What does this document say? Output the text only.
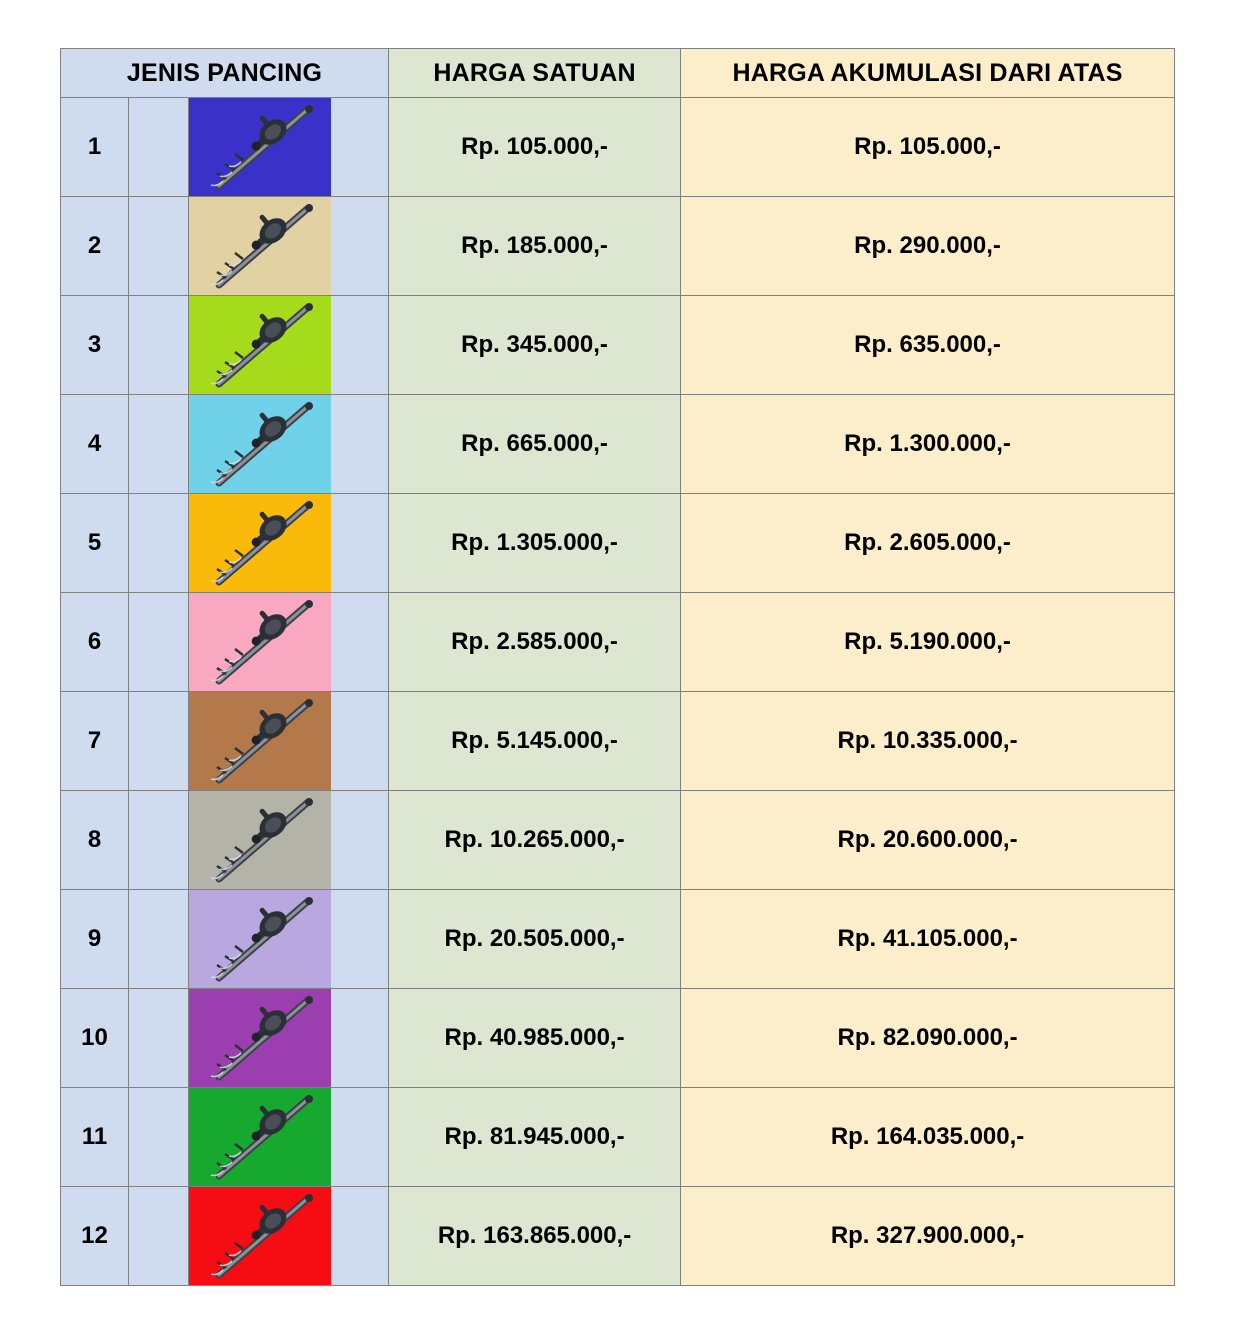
JENIS PANCING				HARGA SATUAN	HARGA AKUMULASI DARI ATAS
1				Rp. 105.000,-	Rp. 105.000,-
2				Rp. 185.000,-	Rp. 290.000,-
3				Rp. 345.000,-	Rp. 635.000,-
4				Rp. 665.000,-	Rp. 1.300.000,-
5				Rp. 1.305.000,-	Rp. 2.605.000,-
6				Rp. 2.585.000,-	Rp. 5.190.000,-
7				Rp. 5.145.000,-	Rp. 10.335.000,-
8				Rp. 10.265.000,-	Rp. 20.600.000,-
9				Rp. 20.505.000,-	Rp. 41.105.000,-
10				Rp. 40.985.000,-	Rp. 82.090.000,-
11				Rp. 81.945.000,-	Rp. 164.035.000,-
12				Rp. 163.865.000,-	Rp. 327.900.000,-
